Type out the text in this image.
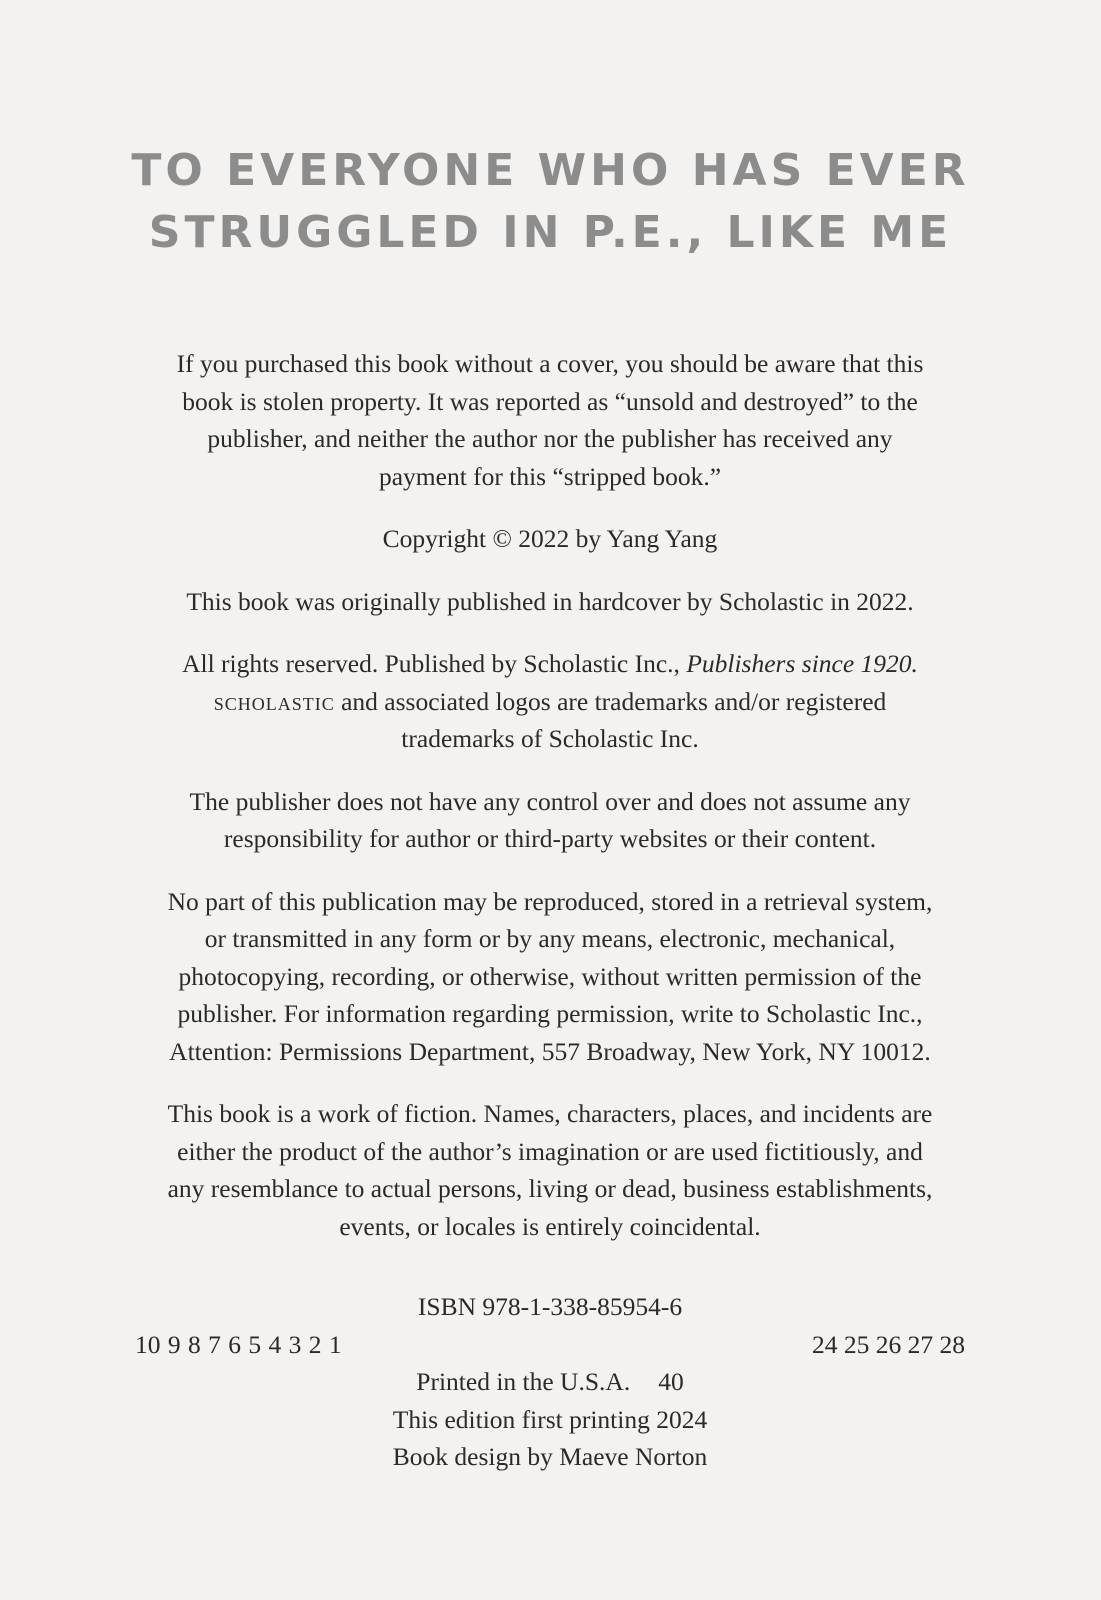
TO EVERYONE WHO HAS EVER
STRUGGLED IN P.E., LIKE ME
If you purchased this book without a cover, you should be aware that this
book is stolen property. It was reported as “unsold and destroyed” to the
publisher, and neither the author nor the publisher has received any
payment for this “stripped book.”
Copyright © 2022 by Yang Yang
This book was originally published in hardcover by Scholastic in 2022.
All rights reserved. Published by Scholastic Inc., Publishers since 1920.
scholastic and associated logos are trademarks and/or registered
trademarks of Scholastic Inc.
The publisher does not have any control over and does not assume any
responsibility for author or third-party websites or their content.
No part of this publication may be reproduced, stored in a retrieval system,
or transmitted in any form or by any means, electronic, mechanical,
photocopying, recording, or otherwise, without written permission of the
publisher. For information regarding permission, write to Scholastic Inc.,
Attention: Permissions Department, 557 Broadway, New York, NY 10012.
This book is a work of fiction. Names, characters, places, and incidents are
either the product of the author’s imagination or are used fictitiously, and
any resemblance to actual persons, living or dead, business establishments,
events, or locales is entirely coincidental.
ISBN 978-1-338-85954-6
10 9 8 7 6 5 4 3 2 1	24 25 26 27 28
Printed in the U.S.A. 40
This edition first printing 2024
Book design by Maeve Norton
